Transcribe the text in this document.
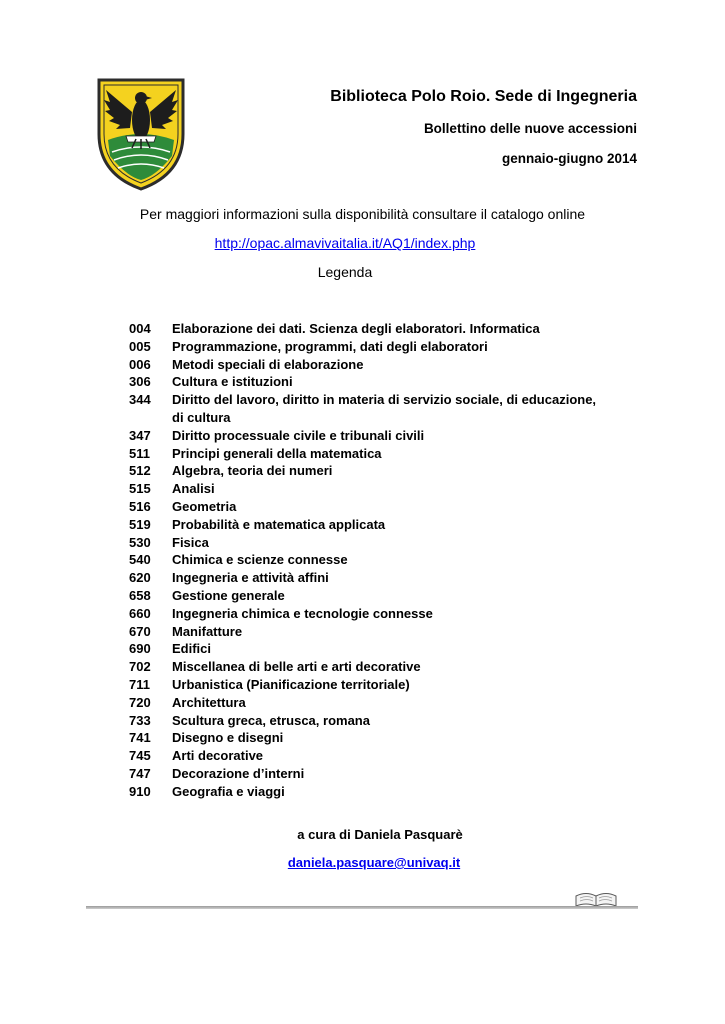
Biblioteca Polo Roio. Sede di Ingegneria

Bollettino delle nuove accessioni

gennaio-giugno 2014

Per maggiori informazioni sulla disponibilità consultare il catalogo online
http://opac.almavivaitalia.it/AQ1/index.php
Legenda
004	Elaborazione dei dati. Scienza degli elaboratori. Informatica
005	Programmazione, programmi, dati degli elaboratori
006	Metodi speciali di elaborazione
306	Cultura e istituzioni
344	Diritto del lavoro, diritto in materia di servizio sociale, di educazione, di cultura
347	Diritto processuale civile e tribunali civili
511	Principi generali della matematica
512	Algebra, teoria dei numeri
515	Analisi
516	Geometria
519	Probabilità e matematica applicata
530	Fisica
540	Chimica e scienze connesse
620	Ingegneria e attività affini
658	Gestione generale
660	Ingegneria chimica e tecnologie connesse
670	Manifatture
690	Edifici
702	Miscellanea di belle arti e arti decorative
711	Urbanistica (Pianificazione territoriale)
720	Architettura
733	Scultura greca, etrusca, romana
741	Disegno e disegni
745	Arti decorative
747	Decorazione d’interni
910	Geografia e viaggi
a cura di Daniela Pasquarè
daniela.pasquare@univaq.it
